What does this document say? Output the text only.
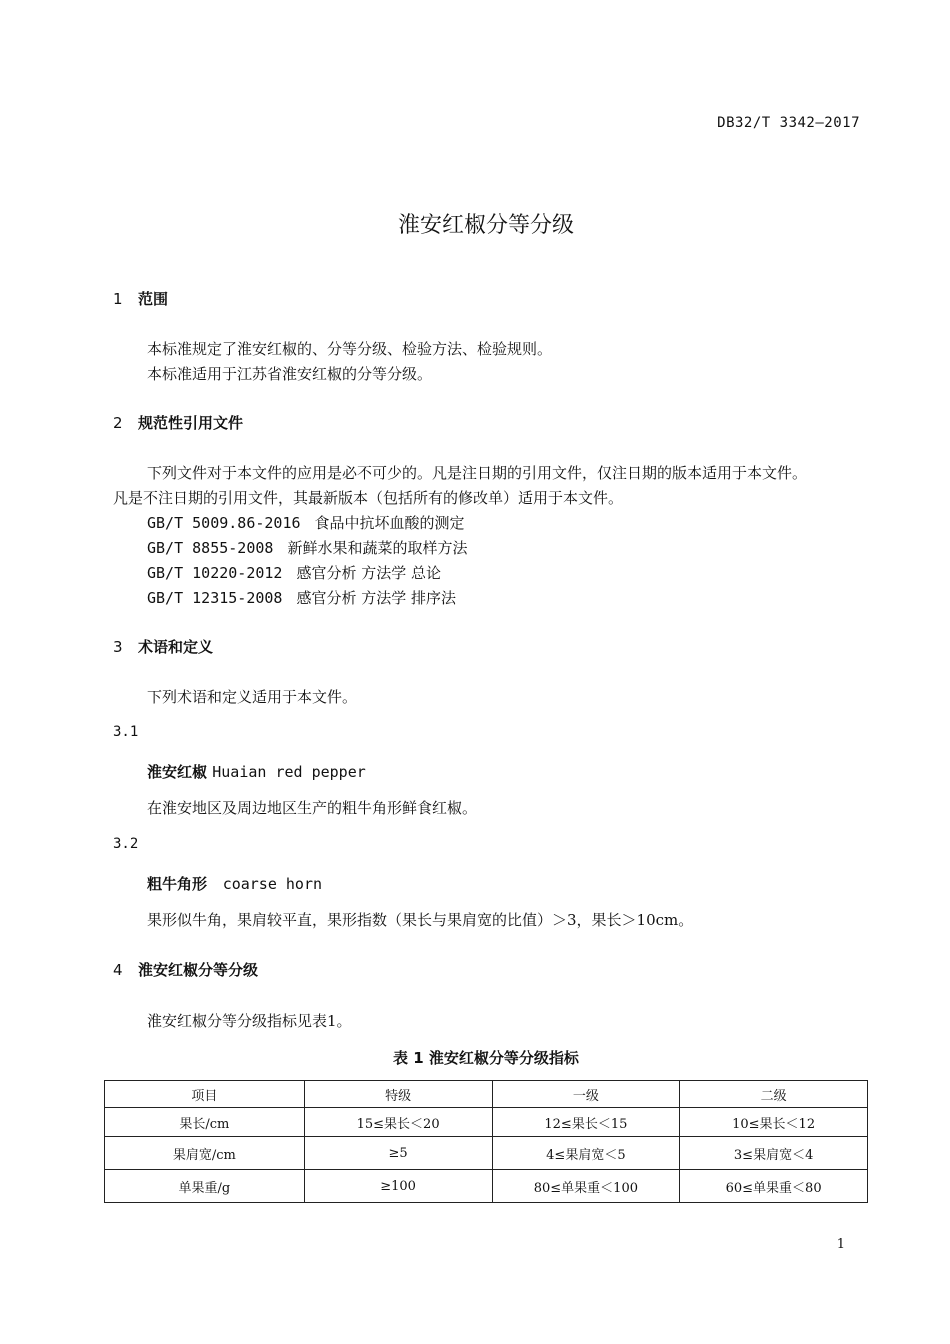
DB32/T 3342—2017
淮安红椒分等分级
1 范围
本标准规定了淮安红椒的、分等分级、检验方法、检验规则。
本标准适用于江苏省淮安红椒的分等分级。
2 规范性引用文件
下列文件对于本文件的应用是必不可少的。凡是注日期的引用文件，仅注日期的版本适用于本文件。
凡是不注日期的引用文件，其最新版本（包括所有的修改单）适用于本文件。
GB/T 5009.86-2016 食品中抗坏血酸的测定
GB/T 8855-2008 新鲜水果和蔬菜的取样方法
GB/T 10220-2012 感官分析 方法学 总论
GB/T 12315-2008 感官分析 方法学 排序法
3 术语和定义
下列术语和定义适用于本文件。
3.1
淮安红椒 Huaian red pepper
在淮安地区及周边地区生产的粗牛角形鲜食红椒。
3.2
粗牛角形 coarse horn
果形似牛角，果肩较平直，果形指数（果长与果肩宽的比值）＞3，果长＞10cm。
4 淮安红椒分等分级
淮安红椒分等分级指标见表1。
表 1 淮安红椒分等分级指标
项目	特级	一级	二级
果长/cm	15≤果长＜20	12≤果长＜15	10≤果长＜12
果肩宽/cm	≥5	4≤果肩宽＜5	3≤果肩宽＜4
单果重/g	≥100	80≤单果重＜100	60≤单果重＜80
1
